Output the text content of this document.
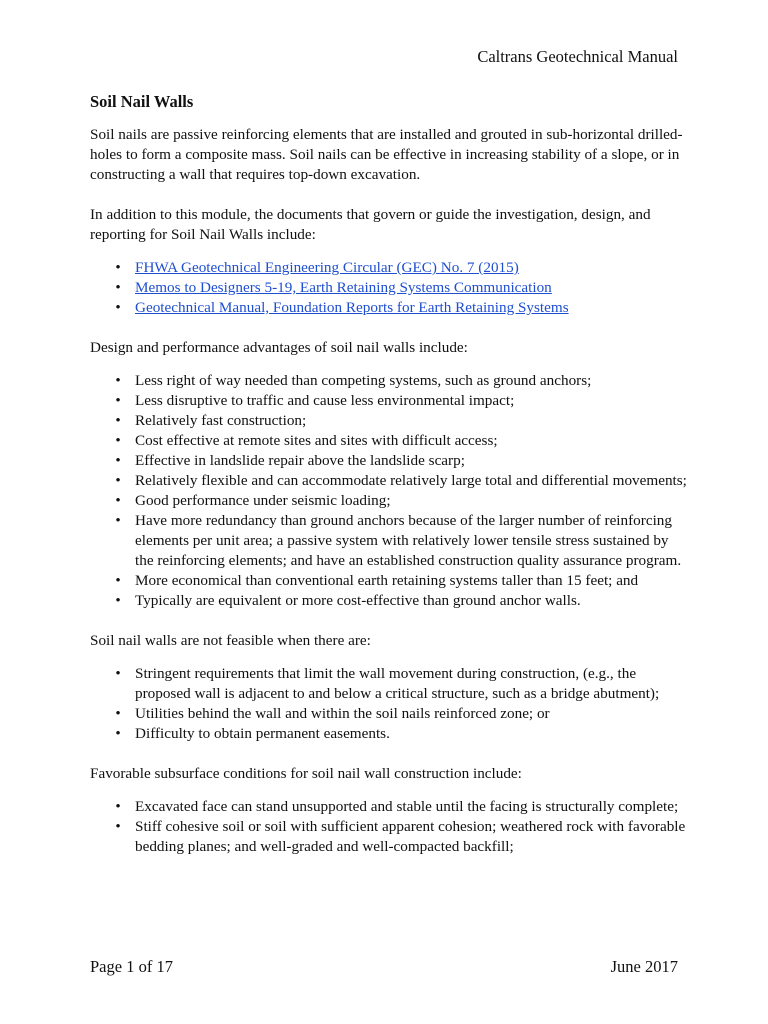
Caltrans Geotechnical Manual
Soil Nail Walls

Soil nails are passive reinforcing elements that are installed and grouted in sub-horizontal drilled-holes to form a composite mass. Soil nails can be effective in increasing stability of a slope, or in constructing a wall that requires top-down excavation.

In addition to this module, the documents that govern or guide the investigation, design, and reporting for Soil Nail Walls include:

• FHWA Geotechnical Engineering Circular (GEC) No. 7 (2015)
• Memos to Designers 5-19, Earth Retaining Systems Communication
• Geotechnical Manual, Foundation Reports for Earth Retaining Systems

Design and performance advantages of soil nail walls include:

• Less right of way needed than competing systems, such as ground anchors;
• Less disruptive to traffic and cause less environmental impact;
• Relatively fast construction;
• Cost effective at remote sites and sites with difficult access;
• Effective in landslide repair above the landslide scarp;
• Relatively flexible and can accommodate relatively large total and differential movements;
• Good performance under seismic loading;
• Have more redundancy than ground anchors because of the larger number of reinforcing elements per unit area; a passive system with relatively lower tensile stress sustained by the reinforcing elements; and have an established construction quality assurance program.
• More economical than conventional earth retaining systems taller than 15 feet; and
• Typically are equivalent or more cost-effective than ground anchor walls.

Soil nail walls are not feasible when there are:

• Stringent requirements that limit the wall movement during construction, (e.g., the proposed wall is adjacent to and below a critical structure, such as a bridge abutment);
• Utilities behind the wall and within the soil nails reinforced zone; or
• Difficulty to obtain permanent easements.

Favorable subsurface conditions for soil nail wall construction include:

• Excavated face can stand unsupported and stable until the facing is structurally complete;
• Stiff cohesive soil or soil with sufficient apparent cohesion; weathered rock with favorable bedding planes; and well-graded and well-compacted backfill;
Page 1 of 17	June 2017
